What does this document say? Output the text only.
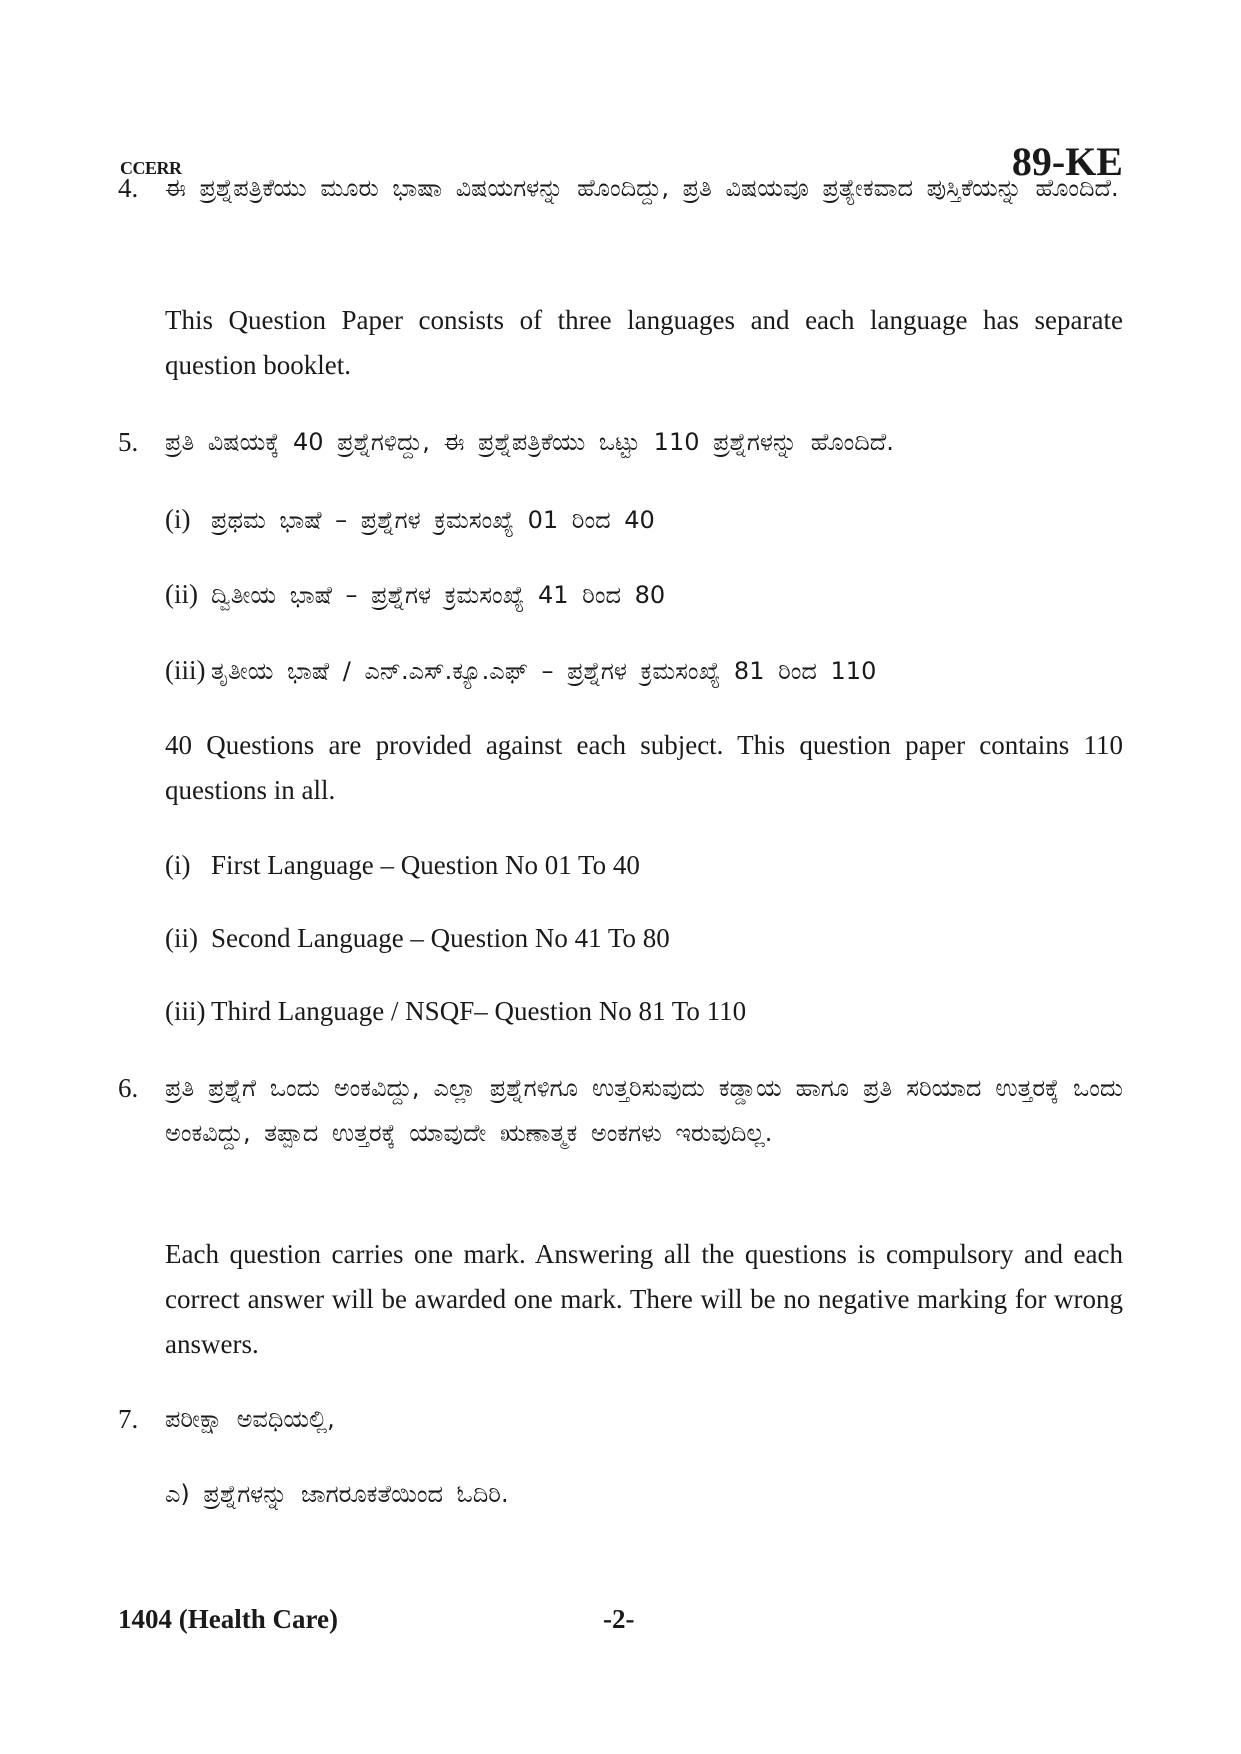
CCERR	89-KE
4. ಈ ಪ್ರಶ್ನೆಪತ್ರಿಕೆಯು ಮೂರು ಭಾಷಾ ವಿಷಯಗಳನ್ನು ಹೊಂದಿದ್ದು, ಪ್ರತಿ ವಿಷಯವೂ ಪ್ರತ್ಯೇಕವಾದ ಪುಸ್ತಿಕೆಯನ್ನು ಹೊಂದಿದೆ.
This Question Paper consists of three languages and each language has separate question booklet.
5. ಪ್ರತಿ ವಿಷಯಕ್ಕೆ 40 ಪ್ರಶ್ನೆಗಳಿದ್ದು, ಈ ಪ್ರಶ್ನೆಪತ್ರಿಕೆಯು ಒಟ್ಟು 110 ಪ್ರಶ್ನೆಗಳನ್ನು ಹೊಂದಿದೆ.
(i) ಪ್ರಥಮ ಭಾಷೆ – ಪ್ರಶ್ನೆಗಳ ಕ್ರಮಸಂಖ್ಯೆ 01 ರಿಂದ 40
(ii) ದ್ವಿತೀಯ ಭಾಷೆ – ಪ್ರಶ್ನೆಗಳ ಕ್ರಮಸಂಖ್ಯೆ 41 ರಿಂದ 80
(iii) ತೃತೀಯ ಭಾಷೆ / ಎನ್.ಎಸ್.ಕ್ಯೂ.ಎಫ್ – ಪ್ರಶ್ನೆಗಳ ಕ್ರಮಸಂಖ್ಯೆ 81 ರಿಂದ 110
40 Questions are provided against each subject. This question paper contains 110 questions in all.
(i) First Language – Question No 01 To 40
(ii) Second Language – Question No 41 To 80
(iii) Third Language / NSQF– Question No 81 To 110
6. ಪ್ರತಿ ಪ್ರಶ್ನೆಗೆ ಒಂದು ಅಂಕವಿದ್ದು, ಎಲ್ಲಾ ಪ್ರಶ್ನೆಗಳಿಗೂ ಉತ್ತರಿಸುವುದು ಕಡ್ಡಾಯ ಹಾಗೂ ಪ್ರತಿ ಸರಿಯಾದ ಉತ್ತರಕ್ಕೆ ಒಂದು ಅಂಕವಿದ್ದು, ತಪ್ಪಾದ ಉತ್ತರಕ್ಕೆ ಯಾವುದೇ ಋಣಾತ್ಮಕ ಅಂಕಗಳು ಇರುವುದಿಲ್ಲ.
Each question carries one mark. Answering all the questions is compulsory and each correct answer will be awarded one mark. There will be no negative marking for wrong answers.
7. ಪರೀಕ್ಷಾ ಅವಧಿಯಲ್ಲಿ,
ಎ) ಪ್ರಶ್ನೆಗಳನ್ನು ಜಾಗರೂಕತೆಯಿಂದ ಓದಿರಿ.
1404 (Health Care)	-2-
